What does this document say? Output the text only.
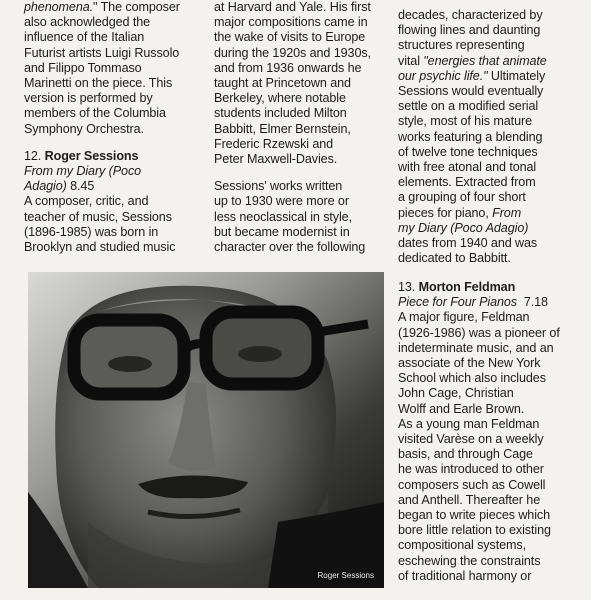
phenomena." The composer

also acknowledged the

influence of the Italian

Futurist artists Luigi Russolo

and Filippo Tommaso

Marinetti on the piece. This

version is performed by

members of the Columbia

Symphony Orchestra.

12. Roger Sessions

From my Diary (Poco

Adagio) 8.45

A composer, critic, and

teacher of music, Sessions

(1896-1985) was born in

Brooklyn and studied music

at Harvard and Yale. His first

major compositions came in

the wake of visits to Europe

during the 1920s and 1930s,

and from 1936 onwards he

taught at Princetown and

Berkeley, where notable

students included Milton

Babbitt, Elmer Bernstein,

Frederic Rzewski and

Peter Maxwell-Davies.

Sessions' works written

up to 1930 were more or

less neoclassical in style,

but became modernist in

character over the following

decades, characterized by

flowing lines and daunting

structures representing

vital "energies that animate

our psychic life." Ultimately

Sessions would eventually

settle on a modified serial

style, most of his mature

works featuring a blending

of twelve tone techniques

with free atonal and tonal

elements. Extracted from

a grouping of four short

pieces for piano, From

my Diary (Poco Adagio)

dates from 1940 and was

dedicated to Babbitt.

13. Morton Feldman

Piece for Four Pianos 7.18

A major figure, Feldman

(1926-1986) was a pioneer of

indeterminate music, and an

associate of the New York

School which also includes

John Cage, Christian

Wolff and Earle Brown.

As a young man Feldman

visited Varèse on a weekly

basis, and through Cage

he was introduced to other

composers such as Cowell

and Anthell. Thereafter he

began to write pieces which

bore little relation to existing

compositional systems,

eschewing the constraints

of traditional harmony or

Roger Sessions
